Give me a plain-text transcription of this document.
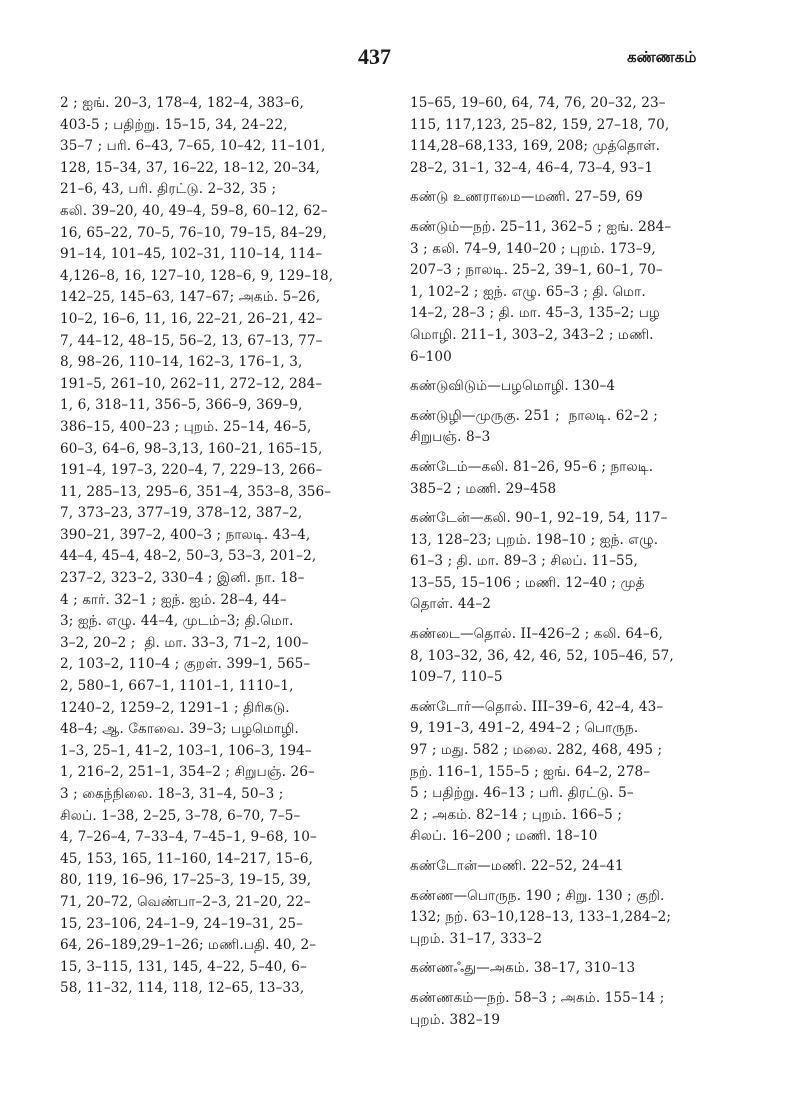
437	கண்ணகம்
2 ; ஐங். 20–3, 178–4, 182–4, 383–6,
403-5 ; பதிற்று. 15–15, 34, 24–22,
35–7 ; பரி. 6–43, 7–65, 10–42, 11–101,
128, 15–34, 37, 16–22, 18–12, 20–34,
21–6, 43, பரி. திரட்டு. 2–32, 35 ;
கலி. 39–20, 40, 49–4, 59–8, 60–12, 62–
16, 65–22, 70–5, 76–10, 79–15, 84–29,
91–14, 101–45, 102–31, 110–14, 114–
4,126–8, 16, 127–10, 128–6, 9, 129–18,
142–25, 145–63, 147–67; அகம். 5–26,
10–2, 16–6, 11, 16, 22–21, 26–21, 42–
7, 44–12, 48–15, 56–2, 13, 67–13, 77–
8, 98–26, 110–14, 162–3, 176–1, 3,
191–5, 261–10, 262–11, 272–12, 284–
1, 6, 318–11, 356–5, 366–9, 369–9,
386–15, 400–23 ; புறம். 25–14, 46–5,
60–3, 64–6, 98–3,13, 160–21, 165–15,
191–4, 197–3, 220–4, 7, 229–13, 266–
11, 285–13, 295–6, 351–4, 353–8, 356–
7, 373–23, 377–19, 378–12, 387–2,
390–21, 397–2, 400–3 ; நாலடி. 43–4,
44–4, 45–4, 48–2, 50–3, 53–3, 201–2,
237–2, 323–2, 330–4 ; இனி. நா. 18–
4 ; கார். 32–1 ; ஐந். ஐம். 28–4, 44–
3; ஐந். எழு. 44–4, முடம்–3; தி.மொ.
3–2, 20–2 ;  தி. மா. 33–3, 71–2, 100–
2, 103–2, 110–4 ; குறள். 399–1, 565–
2, 580–1, 667–1, 1101–1, 1110–1,
1240–2, 1259–2, 1291–1 ; திரிகடு.
48–4; ஆ. கோவை. 39–3; பழமொழி.
1–3, 25–1, 41–2, 103–1, 106–3, 194–
1, 216–2, 251–1, 354–2 ; சிறுபஞ். 26–
3 ; கைந்நிலை. 18–3, 31–4, 50–3 ;
சிலப். 1–38, 2–25, 3–78, 6–70, 7–5–
4, 7–26–4, 7–33–4, 7–45–1, 9–68, 10–
45, 153, 165, 11–160, 14–217, 15–6,
80, 119, 16–96, 17–25–3, 19–15, 39,
71, 20–72, வெண்பா–2–3, 21–20, 22–
15, 23–106, 24–1–9, 24–19–31, 25–
64, 26–189,29–1–26; மணி.பதி. 40, 2–
15, 3–115, 131, 145, 4–22, 5–40, 6–
58, 11–32, 114, 118, 12–65, 13–33,
15–65, 19–60, 64, 74, 76, 20–32, 23–
115, 117,123, 25–82, 159, 27–18, 70,
114,28–68,133, 169, 208; முத்தொள்.
28–2, 31–1, 32–4, 46–4, 73–4, 93–1
கண்டு உணராமை—மணி. 27–59, 69
கண்டும்—நற். 25–11, 362–5 ; ஐங். 284–
3 ; கலி. 74–9, 140–20 ; புறம். 173–9,
207–3 ; நாலடி. 25–2, 39–1, 60–1, 70–
1, 102–2 ; ஐந். எழு. 65–3 ; தி. மொ.
14–2, 28–3 ; தி. மா. 45–3, 135–2; பழ
மொழி. 211–1, 303–2, 343–2 ; மணி.
6–100
கண்டுவிடும்—பழமொழி. 130–4
கண்டுழி—முருகு. 251 ;  நாலடி. 62–2 ;
சிறுபஞ். 8–3
கண்டேம்—கலி. 81–26, 95–6 ; நாலடி.
385–2 ; மணி. 29–458
கண்டேன்—கலி. 90–1, 92–19, 54, 117–
13, 128–23; புறம். 198–10 ; ஐந். எழு.
61–3 ; தி. மா. 89–3 ; சிலப். 11–55,
13–55, 15–106 ; மணி. 12–40 ; முத்
தொள். 44–2
கண்டை—தொல். II–426–2 ; கலி. 64–6,
8, 103–32, 36, 42, 46, 52, 105–46, 57,
109–7, 110–5
கண்டோர்—தொல். III–39–6, 42–4, 43–
9, 191–3, 491–2, 494–2 ; பொருந.
97 ; மது. 582 ; மலை. 282, 468, 495 ;
நற். 116–1, 155–5 ; ஐங். 64–2, 278–
5 ; பதிற்று. 46–13 ; பரி. திரட்டு. 5–
2 ; அகம். 82–14 ; புறம். 166–5 ;
சிலப். 16–200 ; மணி. 18–10
கண்டோன்—மணி. 22–52, 24–41
கண்ண—பொருந. 190 ; சிறு. 130 ; குறி.
132; நற். 63–10,128–13, 133–1,284–2;
புறம். 31–17, 333–2
கண்ணஃது—அகம். 38–17, 310–13
கண்ணகம்—நற். 58–3 ; அகம். 155–14 ;
புறம். 382–19
